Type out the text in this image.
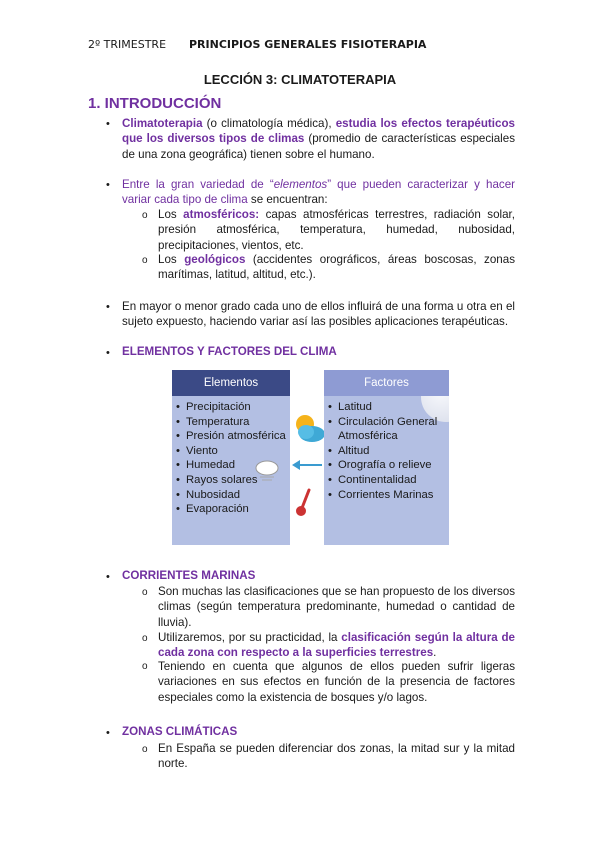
2º TRIMESTRE PRINCIPIOS GENERALES FISIOTERAPIA
LECCIÓN 3: CLIMATOTERAPIA
1. INTRODUCCIÓN
• Climatoterapia (o climatología médica), estudia los efectos terapéuticos que los diversos tipos de climas (promedio de características especiales de una zona geográfica) tienen sobre el humano.
• Entre la gran variedad de “elementos” que pueden caracterizar y hacer variar cada tipo de clima se encuentran:
o Los atmosféricos: capas atmosféricas terrestres, radiación solar, presión atmosférica, temperatura, humedad, nubosidad, precipitaciones, vientos, etc.
o Los geológicos (accidentes orográficos, áreas boscosas, zonas marítimas, latitud, altitud, etc.).
• En mayor o menor grado cada uno de ellos influirá de una forma u otra en el sujeto expuesto, haciendo variar así las posibles aplicaciones terapéuticas.
• ELEMENTOS Y FACTORES DEL CLIMA
Elementos
• Precipitación
• Temperatura
• Presión atmosférica
• Viento
• Humedad
• Rayos solares
• Nubosidad
• Evaporación
Factores
• Latitud
• Circulación General Atmosférica
• Altitud
• Orografía o relieve
• Continentalidad
• Corrientes Marinas
• CORRIENTES MARINAS
o Son muchas las clasificaciones que se han propuesto de los diversos climas (según temperatura predominante, humedad o cantidad de lluvia).
o Utilizaremos, por su practicidad, la clasificación según la altura de cada zona con respecto a la superficies terrestres.
o Teniendo en cuenta que algunos de ellos pueden sufrir ligeras variaciones en sus efectos en función de la presencia de factores especiales como la existencia de bosques y/o lagos.
• ZONAS CLIMÁTICAS
o En España se pueden diferenciar dos zonas, la mitad sur y la mitad norte.
